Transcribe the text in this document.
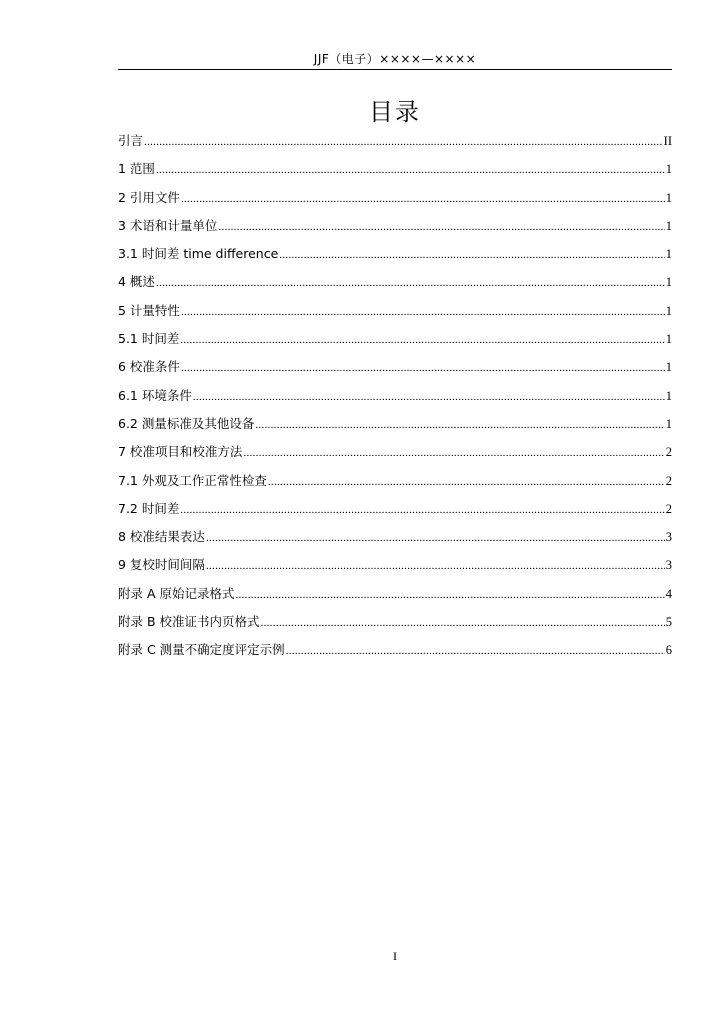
JJF（电子）××××—××××
目录
引言 .....	II
1 范围 .....	1
2 引用文件 .....	1
3 术语和计量单位 .....	1
3.1 时间差 time difference .....	1
4 概述 .....	1
5 计量特性 .....	1
5.1 时间差 .....	1
6 校准条件 .....	1
6.1 环境条件 .....	1
6.2 测量标准及其他设备 .....	1
7 校准项目和校准方法 .....	2
7.1 外观及工作正常性检查 .....	2
7.2 时间差 .....	2
8 校准结果表达 .....	3
9 复校时间间隔 .....	3
附录 A 原始记录格式 .....	4
附录 B 校准证书内页格式 .....	5
附录 C 测量不确定度评定示例 .....	6
I
